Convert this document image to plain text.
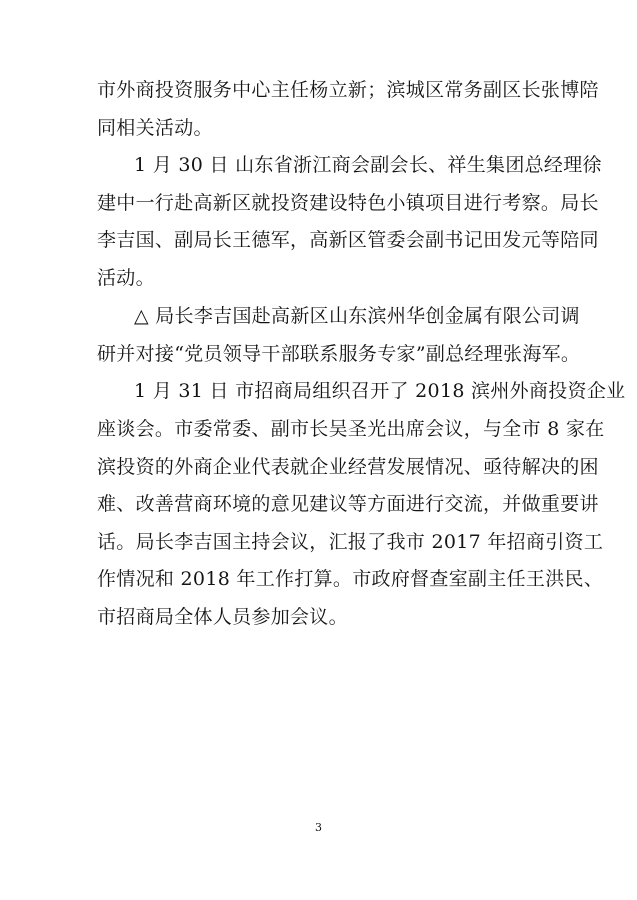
市外商投资服务中心主任杨立新；滨城区常务副区长张博陪
同相关活动。
1 月 30 日 山东省浙江商会副会长、祥生集团总经理徐
建中一行赴高新区就投资建设特色小镇项目进行考察。局长
李吉国、副局长王德军，高新区管委会副书记田发元等陪同
活动。
△ 局长李吉国赴高新区山东滨州华创金属有限公司调
研并对接“党员领导干部联系服务专家”副总经理张海军。
1 月 31 日 市招商局组织召开了 2018 滨州外商投资企业
座谈会。市委常委、副市长吴圣光出席会议，与全市 8 家在
滨投资的外商企业代表就企业经营发展情况、亟待解决的困
难、改善营商环境的意见建议等方面进行交流，并做重要讲
话。局长李吉国主持会议，汇报了我市 2017 年招商引资工
作情况和 2018 年工作打算。市政府督查室副主任王洪民、
市招商局全体人员参加会议。
3
